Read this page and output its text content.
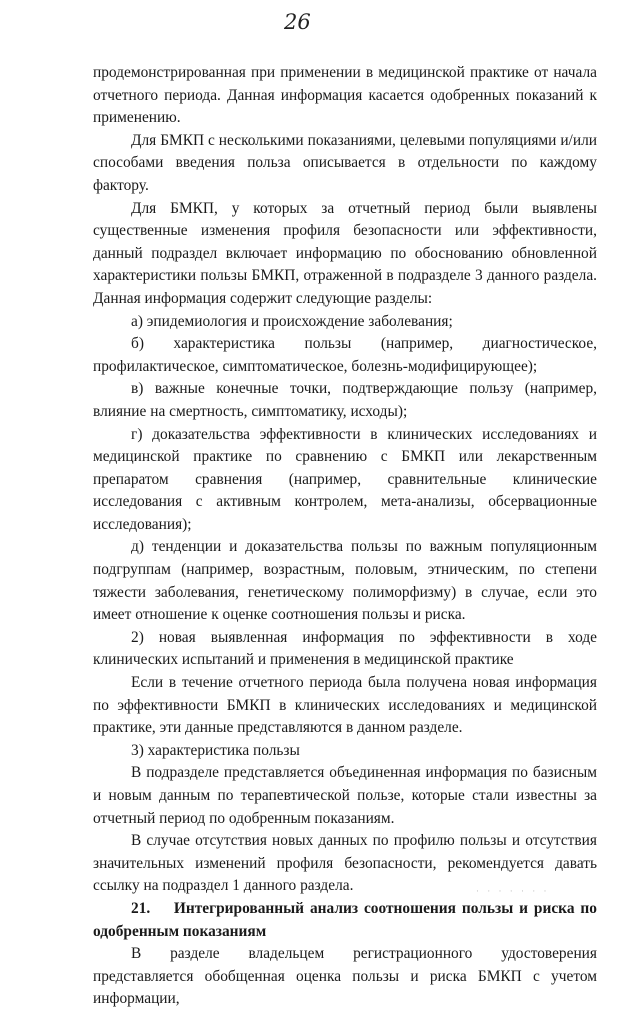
26

продемонстрированная при применении в медицинской практике от начала отчетного периода. Данная информация касается одобренных показаний к применению.

Для БМКП с несколькими показаниями, целевыми популяциями и/или способами введения польза описывается в отдельности по каждому фактору.

Для БМКП, у которых за отчетный период были выявлены существенные изменения профиля безопасности или эффективности, данный подраздел включает информацию по обоснованию обновленной характеристики пользы БМКП, отраженной в подразделе 3 данного раздела. Данная информация содержит следующие разделы:

а) эпидемиология и происхождение заболевания;

б) характеристика пользы (например, диагностическое, профилактическое, симптоматическое, болезнь-модифицирующее);

в) важные конечные точки, подтверждающие пользу (например, влияние на смертность, симптоматику, исходы);

г) доказательства эффективности в клинических исследованиях и медицинской практике по сравнению с БМКП или лекарственным препаратом сравнения (например, сравнительные клинические исследования с активным контролем, мета-анализы, обсервационные исследования);

д) тенденции и доказательства пользы по важным популяционным подгруппам (например, возрастным, половым, этническим, по степени тяжести заболевания, генетическому полиморфизму) в случае, если это имеет отношение к оценке соотношения пользы и риска.

2) новая выявленная информация по эффективности в ходе клинических испытаний и применения в медицинской практике

Если в течение отчетного периода была получена новая информация по эффективности БМКП в клинических исследованиях и медицинской практике, эти данные представляются в данном разделе.

3) характеристика пользы

В подразделе представляется объединенная информация по базисным и новым данным по терапевтической пользе, которые стали известны за отчетный период по одобренным показаниям.

В случае отсутствия новых данных по профилю пользы и отсутствия значительных изменений профиля безопасности, рекомендуется давать ссылку на подраздел 1 данного раздела.

21. Интегрированный анализ соотношения пользы и риска по одобренным показаниям

В разделе владельцем регистрационного удостоверения представляется обобщенная оценка пользы и риска БМКП с учетом информации,

· · · · · · ·
